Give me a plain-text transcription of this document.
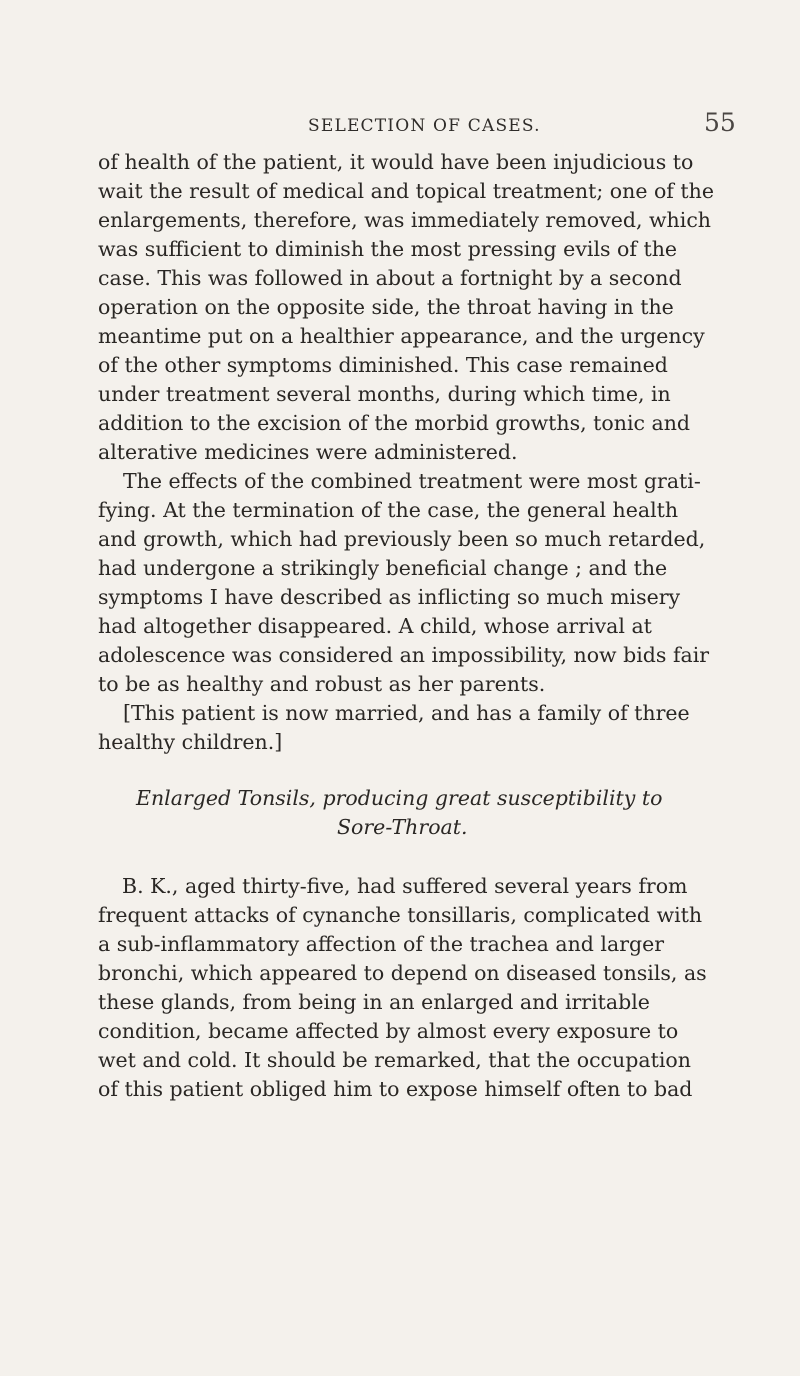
SELECTION OF CASES.	55
of health of the patient, it would have been injudicious to
wait the result of medical and topical treatment; one of the
enlargements, therefore, was immediately removed, which
was sufficient to diminish the most pressing evils of the
case. This was followed in about a fortnight by a second
operation on the opposite side, the throat having in the
meantime put on a healthier appearance, and the urgency
of the other symptoms diminished. This case remained
under treatment several months, during which time, in
addition to the excision of the morbid growths, tonic and
alterative medicines were administered.
The effects of the combined treatment were most grati-
fying. At the termination of the case, the general health
and growth, which had previously been so much retarded,
had undergone a strikingly beneficial change ; and the
symptoms I have described as inflicting so much misery
had altogether disappeared. A child, whose arrival at
adolescence was considered an impossibility, now bids fair
to be as healthy and robust as her parents.
[This patient is now married, and has a family of three
healthy children.]
Enlarged Tonsils, producing great susceptibility to
Sore-Throat.
B. K., aged thirty-five, had suffered several years from
frequent attacks of cynanche tonsillaris, complicated with
a sub-inflammatory affection of the trachea and larger
bronchi, which appeared to depend on diseased tonsils, as
these glands, from being in an enlarged and irritable
condition, became affected by almost every exposure to
wet and cold. It should be remarked, that the occupation
of this patient obliged him to expose himself often to bad
